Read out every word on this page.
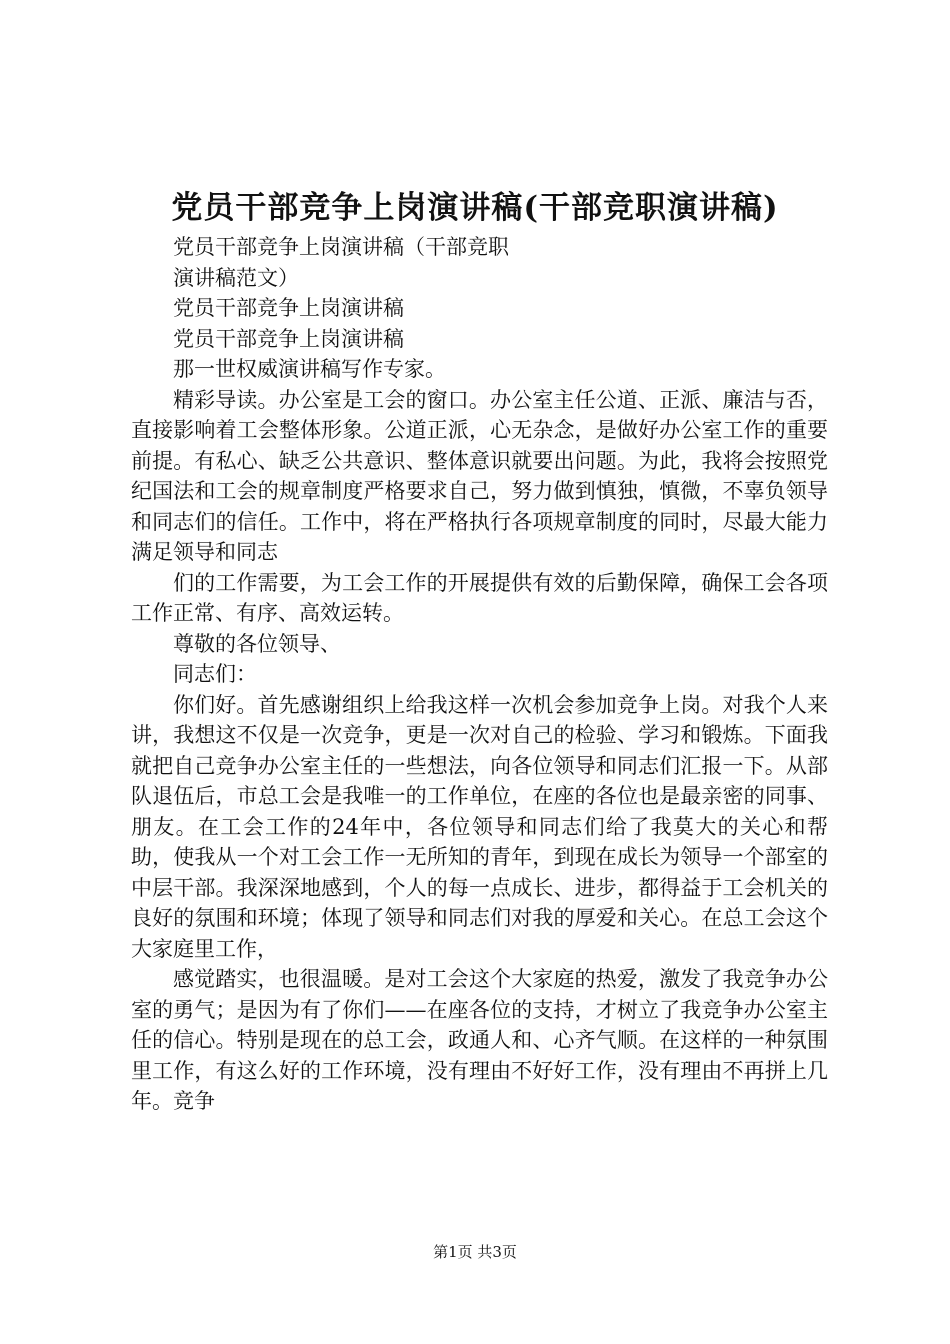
党员干部竞争上岗演讲稿(干部竞职演讲稿)

党员干部竞争上岗演讲稿（干部竞职

演讲稿范文）

党员干部竞争上岗演讲稿

党员干部竞争上岗演讲稿

那一世权威演讲稿写作专家。

精彩导读。办公室是工会的窗口。办公室主任公道、正派、廉洁与否，直接影响着工会整体形象。公道正派，心无杂念，是做好办公室工作的重要前提。有私心、缺乏公共意识、整体意识就要出问题。为此，我将会按照党纪国法和工会的规章制度严格要求自己，努力做到慎独，慎微，不辜负领导和同志们的信任。工作中，将在严格执行各项规章制度的同时，尽最大能力满足领导和同志

们的工作需要，为工会工作的开展提供有效的后勤保障，确保工会各项工作正常、有序、高效运转。

尊敬的各位领导、

同志们：

你们好。首先感谢组织上给我这样一次机会参加竞争上岗。对我个人来讲，我想这不仅是一次竞争，更是一次对自己的检验、学习和锻炼。下面我就把自己竞争办公室主任的一些想法，向各位领导和同志们汇报一下。从部队退伍后，市总工会是我唯一的工作单位，在座的各位也是最亲密的同事、朋友。在工会工作的24年中，各位领导和同志们给了我莫大的关心和帮助，使我从一个对工会工作一无所知的青年，到现在成长为领导一个部室的中层干部。我深深地感到，个人的每一点成长、进步，都得益于工会机关的良好的氛围和环境；体现了领导和同志们对我的厚爱和关心。在总工会这个大家庭里工作，

感觉踏实，也很温暖。是对工会这个大家庭的热爱，激发了我竞争办公室的勇气；是因为有了你们——在座各位的支持，才树立了我竞争办公室主任的信心。特别是现在的总工会，政通人和、心齐气顺。在这样的一种氛围里工作，有这么好的工作环境，没有理由不好好工作，没有理由不再拼上几年。竞争

第1页 共3页
